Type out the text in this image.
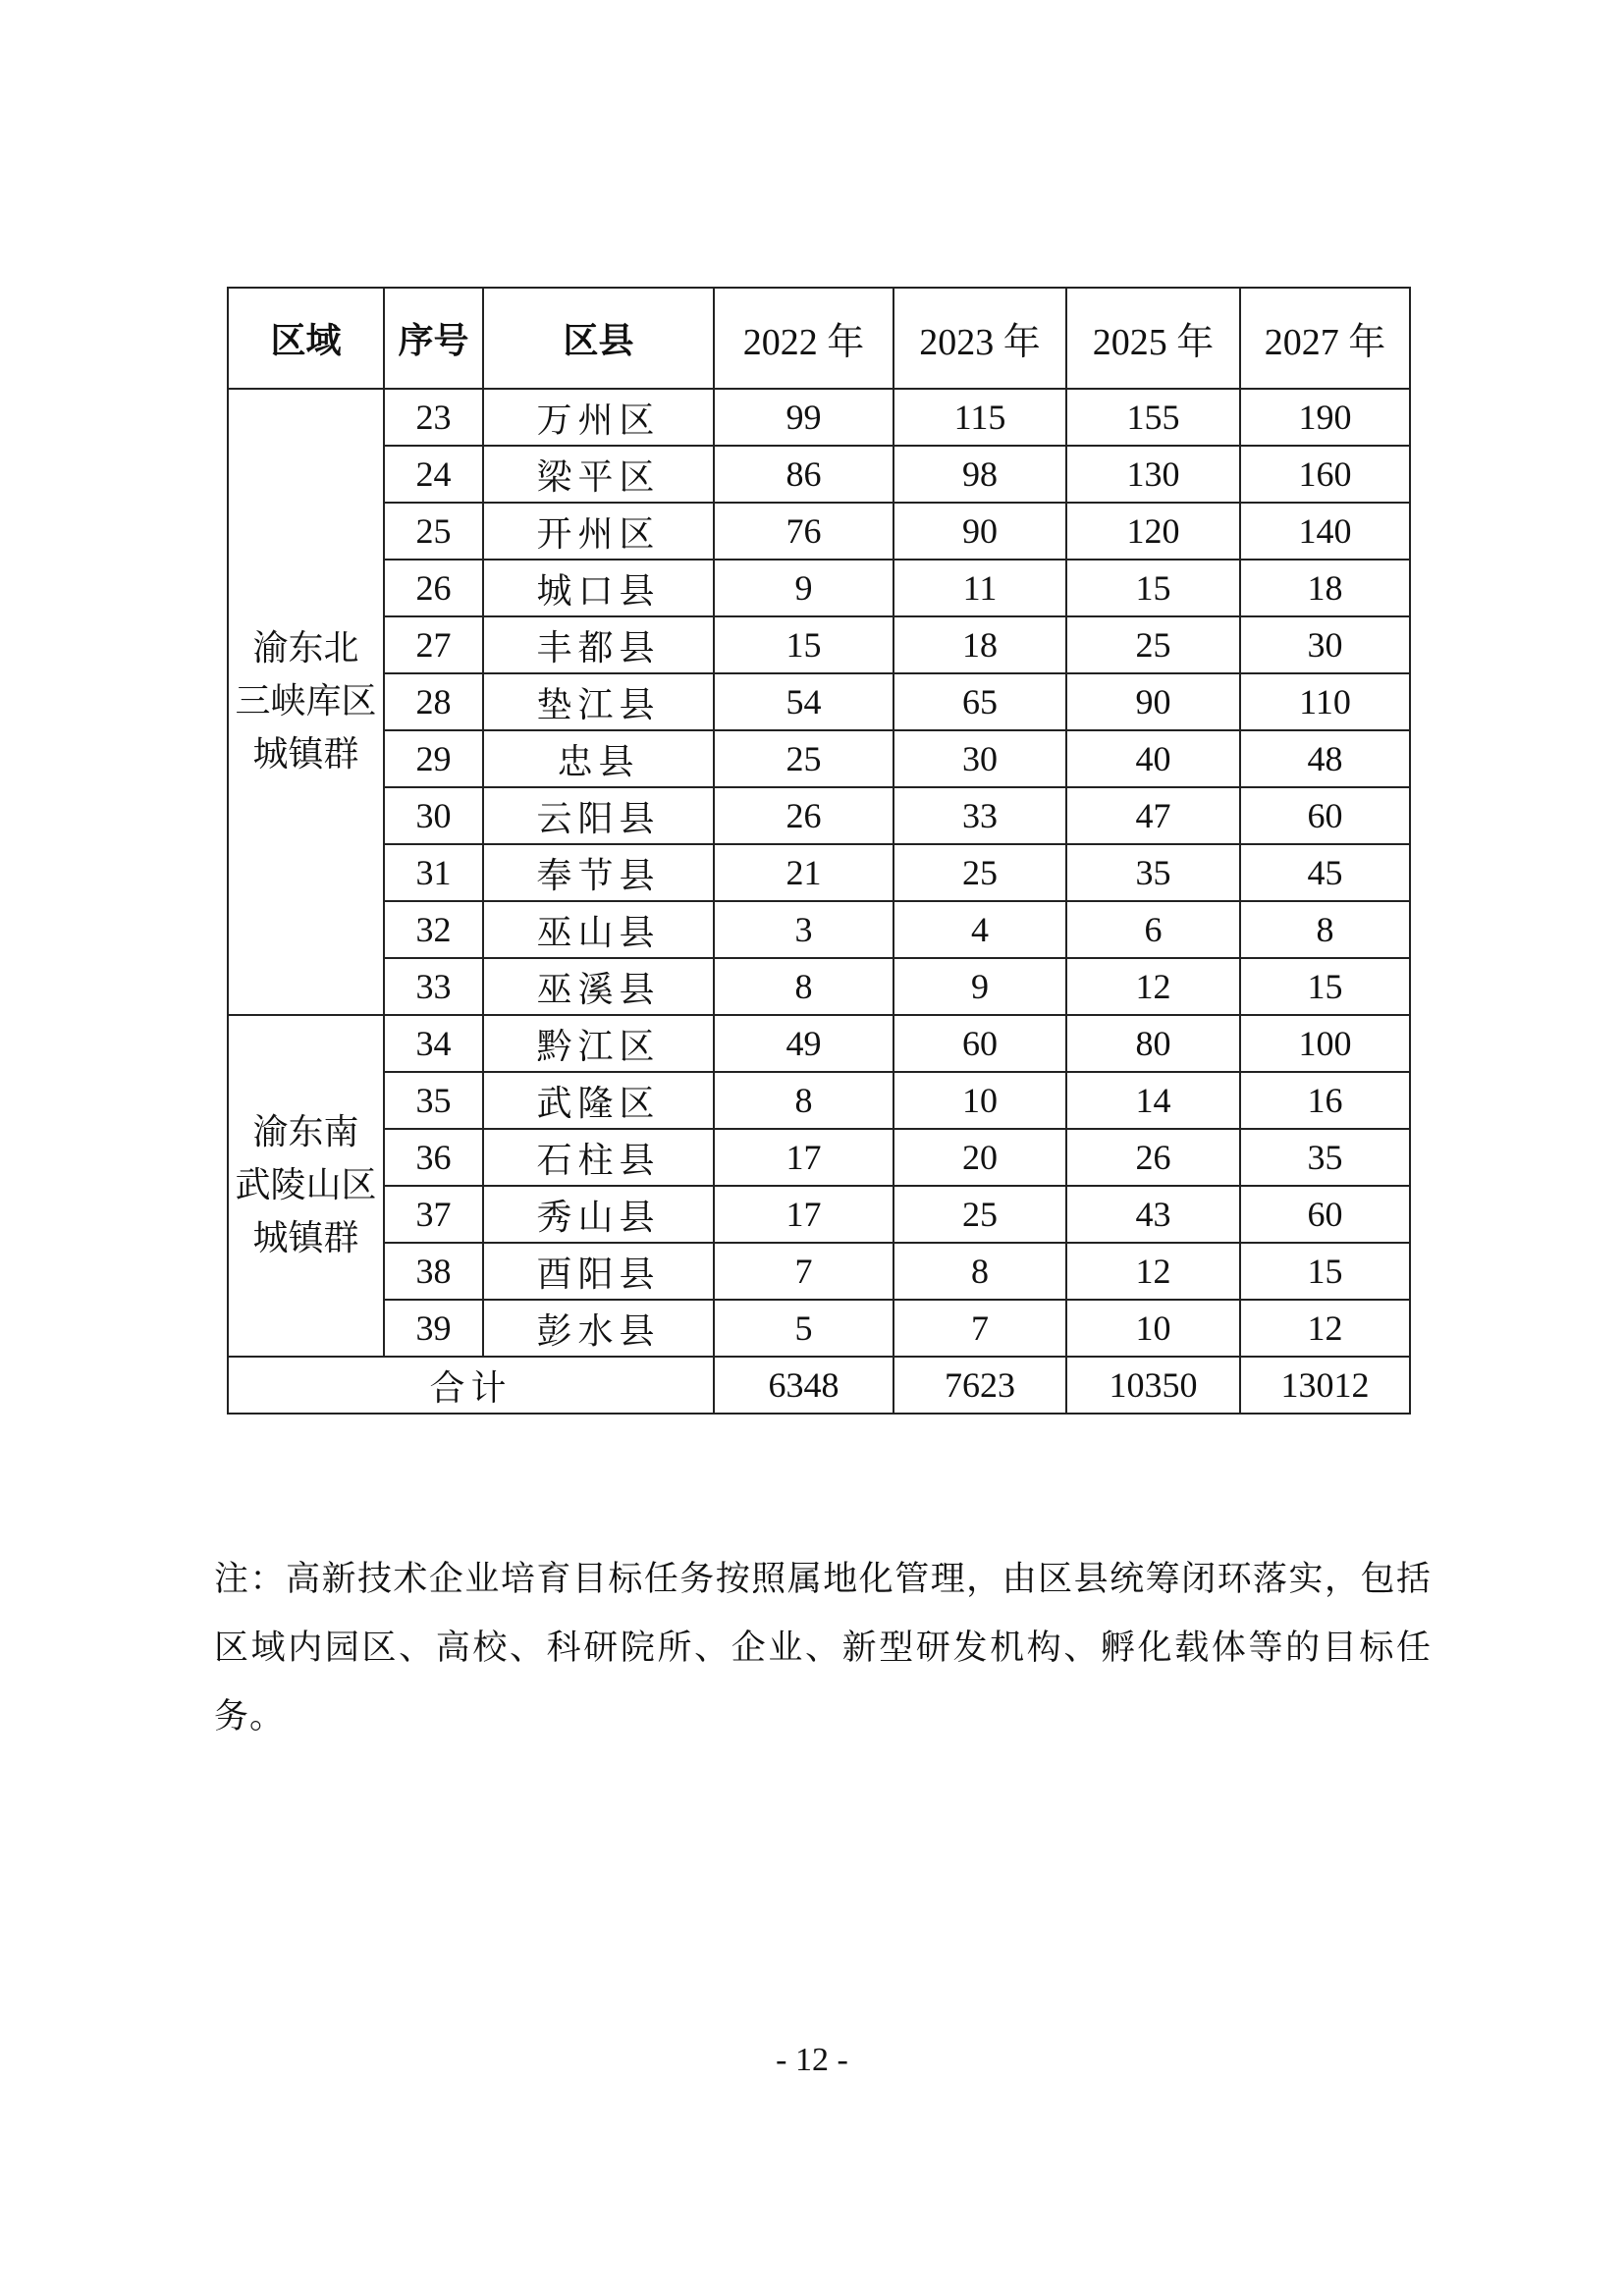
区域	序号	区县	2022 年	2023 年	2025 年	2027 年

渝东北
三峡库区
城镇群	23	万州区	99	115	155	190
	24	梁平区	86	98	130	160
	25	开州区	76	90	120	140
	26	城口县	9	11	15	18
	27	丰都县	15	18	25	30
	28	垫江县	54	65	90	110
	29	忠县	25	30	40	48
	30	云阳县	26	33	47	60
	31	奉节县	21	25	35	45
	32	巫山县	3	4	6	8
	33	巫溪县	8	9	12	15

渝东南
武陵山区
城镇群	34	黔江区	49	60	80	100
	35	武隆区	8	10	14	16
	36	石柱县	17	20	26	35
	37	秀山县	17	25	43	60
	38	酉阳县	7	8	12	15
	39	彭水县	5	7	10	12
合计			6348	7623	10350	13012
注：高新技术企业培育目标任务按照属地化管理，由区县统筹闭环落实，包括区域内园区、高校、科研院所、企业、新型研发机构、孵化载体等的目标任务。
- 12 -
